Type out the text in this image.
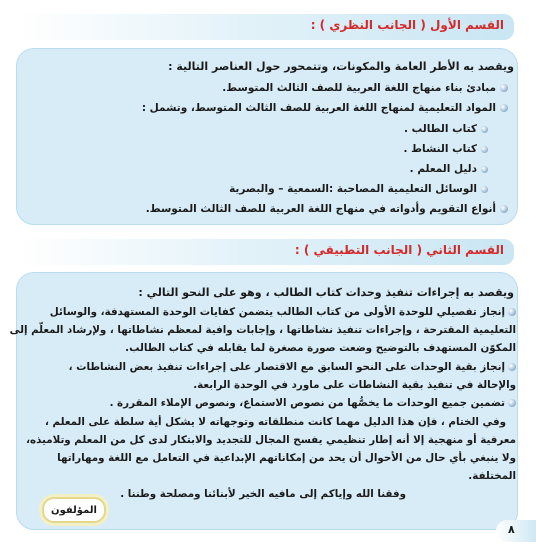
القسم الأول ( الجانب النظري ) :
ويقصد به الأطر العامة والمكونات، وتتمحور حول العناصر التالية :
مبادئ بناء منهاج اللغة العربية للصف الثالث المتوسط.
المواد التعليمية لمنهاج اللغة العربية للصف الثالث المتوسط، وتشمل :
كتاب الطالب .
كتاب النشاط .
دليل المعلم .
الوسائل التعليمية المصاحبة :السمعية – والبصرية
أنواع التقويم وأدواته في منهاج اللغة العربية للصف الثالث المتوسط.
القسم الثاني ( الجانب التطبيقي ) :
ويقصد به إجراءات تنفيذ وحدات كتاب الطالب ، وهو على النحو التالي :
إنجاز تفصيلي للوحدة الأولى من كتاب الطالب يتضمن كفايات الوحدة المستهدفة، والوسائل
التعليمية المقترحة ، وإجراءات تنفيذ نشاطاتها ، وإجابات وافية لمعظم نشاطاتها ، ولإرشاد المعلّم إلى
المكوّن المستهدف بالتوضيح وضعت صورة مصغرة لما يقابله في كتاب الطالب.
إنجاز بقية الوحدات على النحو السابق مع الاقتصار على إجراءات تنفيذ بعض النشاطات ،
والإحالة في تنفيذ بقية النشاطات على ماورد في الوحدة الرابعة.
تضمين جميع الوحدات ما يخصُّها من نصوص الاستماع، ونصوص الإملاء المقررة .
وفي الختام ، فإن هذا الدليل مهما كانت منطلقاته وتوجهاته لا يشكل أية سلطة على المعلم ،
معرفية أو منهجية إلا أنه إطار تنظيمي يفسح المجال للتجديد والابتكار لدى كل من المعلم وتلاميذه،
ولا ينبغي بأي حال من الأحوال أن يحد من إمكاناتهم الإبداعية في التعامل مع اللغة ومهاراتها
المختلفة.
وفقنا الله وإياكم إلى مافيه الخير لأبنائنا ومصلحة وطننا .
المؤلفون
٨
